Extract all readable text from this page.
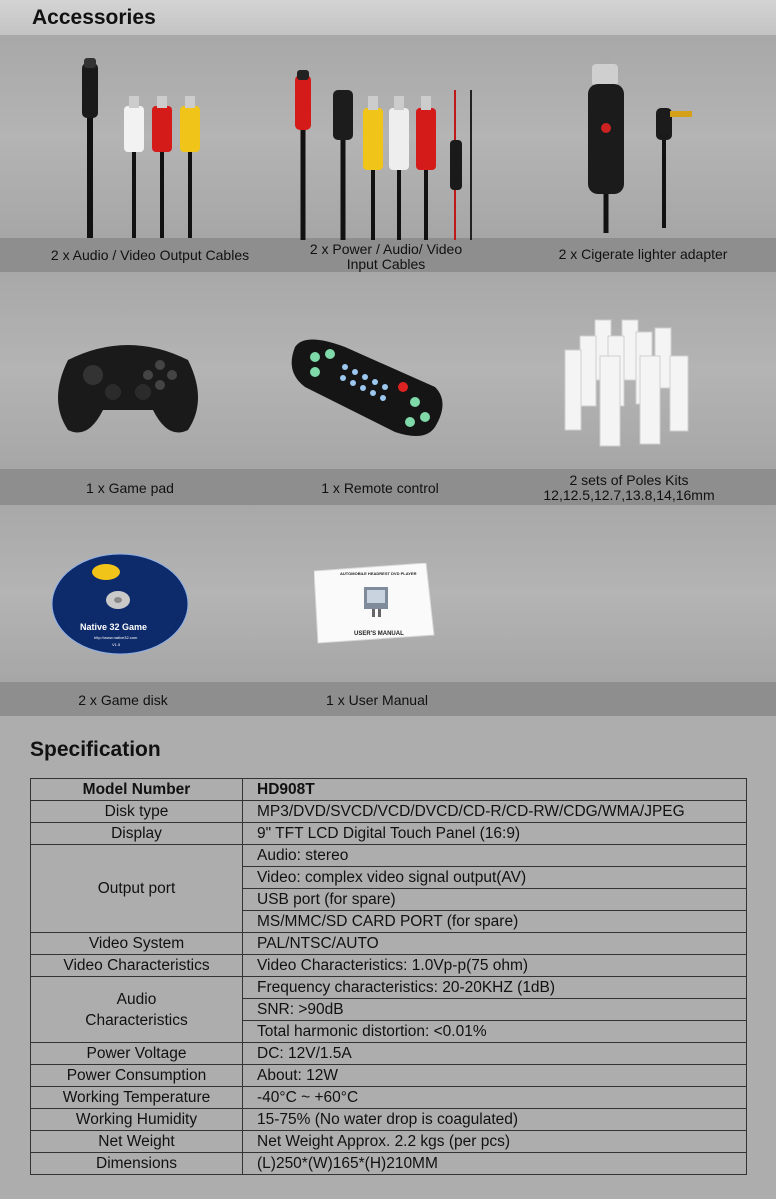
Accessories
Native 32 Game
http://www.native32.com
V1.5
AUTOMOBILE HEADREST DVD PLAYER
USER'S MANUAL
2 x Audio / Video Output Cables	2 x Power / Audio/ Video
Input Cables
2 x Cigerate lighter adapter
1 x Game pad	1 x Remote control	2 sets of Poles Kits
12,12.5,12.7,13.8,14,16mm
2 x Game disk	1 x User Manual
Specification
Model Number	HD908T
Disk type	MP3/DVD/SVCD/VCD/DVCD/CD-R/CD-RW/CDG/WMA/JPEG
Display	9" TFT LCD Digital Touch Panel (16:9)
Output port	Audio: stereo
	Video: complex video signal output(AV)
	USB port (for spare)
	MS/MMC/SD CARD PORT (for spare)
Video System	PAL/NTSC/AUTO
Video Characteristics	Video Characteristics: 1.0Vp-p(75 ohm)

Audio
Characteristics	Frequency characteristics: 20-20KHZ (1dB)
	SNR: >90dB
	Total harmonic distortion: <0.01%
Power Voltage	DC: 12V/1.5A
Power Consumption	About: 12W
Working Temperature	-40°C ~ +60°C
Working Humidity	15-75% (No water drop is coagulated)
Net Weight	Net Weight Approx. 2.2 kgs (per pcs)
Dimensions	(L)250*(W)165*(H)210MM
